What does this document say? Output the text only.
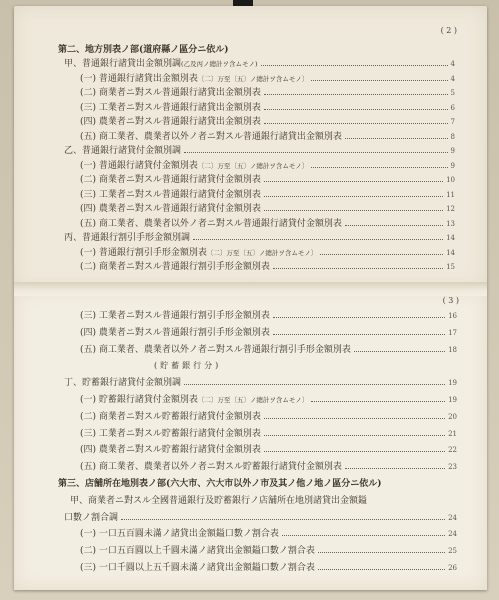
( 2 )
第二、地方別表ノ部(道府縣ノ區分ニ依ル)
甲、普通銀行諸貸出金額別調(乙及丙ノ總計ヲ含ムモノ)	4
(一) 普通銀行諸貸出金額別表〔二〕万至〔五〕ノ總計ヲ含ムモノ〕	4
(二) 商業者ニ對スル普通銀行諸貸出金額別表	5
(三) 工業者ニ對スル普通銀行諸貸出金額別表	6
(四) 農業者ニ對スル普通銀行諸貸出金額別表	7
(五) 商工業者、農業者以外ノ者ニ對スル普通銀行諸貸出金額別表	8
乙、普通銀行諸貸付金額別調	9
(一) 普通銀行諸貸付金額別表〔二〕万至〔五〕ノ總計ヲ含ムモノ〕	9
(二) 商業者ニ對スル普通銀行諸貸付金額別表	10
(三) 工業者ニ對スル普通銀行諸貸付金額別表	11
(四) 農業者ニ對スル普通銀行諸貸付金額別表	12
(五) 商工業者、農業者以外ノ者ニ對スル普通銀行諸貸付金額別表	13
丙、普通銀行割引手形金額別調	14
(一) 普通銀行割引手形金額別表〔二〕万至〔五〕ノ總計ヲ含ムモノ〕	14
(二) 商業者ニ對スル普通銀行割引手形金額別表	15
( 3 )
(三) 工業者ニ對スル普通銀行割引手形金額別表	16
(四) 農業者ニ對スル普通銀行割引手形金額別表	17
(五) 商工業者、農業者以外ノ者ニ對スル普通銀行割引手形金額別表	18
(貯蓄銀行分)
丁、貯蓄銀行諸貸付金額別調	19
(一) 貯蓄銀行諸貸付金額別表〔二〕万至〔五〕ノ總計ヲ含ムモノ〕	19
(二) 商業者ニ對スル貯蓄銀行諸貸付金額別表	20
(三) 工業者ニ對スル貯蓄銀行諸貸付金額別表	21
(四) 農業者ニ對スル貯蓄銀行諸貸付金額別表	22
(五) 商工業者、農業者以外ノ者ニ對スル貯蓄銀行諸貸付金額別表	23
第三、店舗所在地別表ノ部(六大市、六大市以外ノ市及其ノ他ノ地ノ區分ニ依ル)
甲、商業者ニ對スル全國普通銀行及貯蓄銀行ノ店舗所在地別諸貸出金額鎰
口數ノ割合調	24
(一) 一口五百圓未滿ノ諸貸出金額鎰口數ノ割合表	24
(二) 一口五百圓以上千圓未滿ノ諸貸出金額鎰口數ノ割合表	25
(三) 一口千圓以上五千圓未滿ノ諸貸出金額鎰口數ノ割合表	26
